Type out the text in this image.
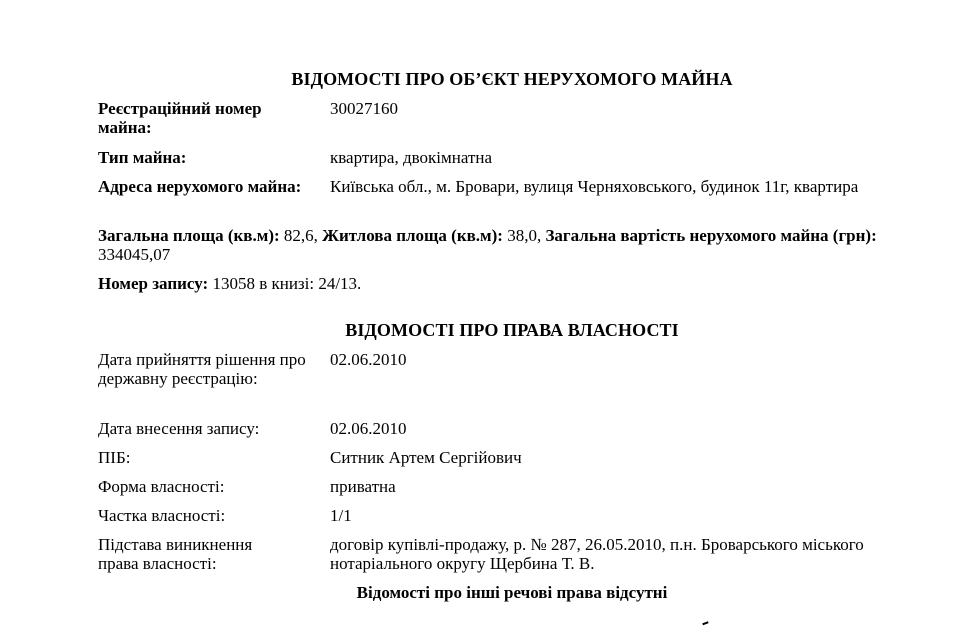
ВІДОМОСТІ ПРО ОБ’ЄКТ НЕРУХОМОГО МАЙНА
Реєстраційний номер майна:
30027160
Тип майна:	квартира, двокімнатна
Адреса нерухомого майна:	Київська обл., м. Бровари, вулиця Черняховського, будинок 11г, квартира
Загальна площа (кв.м): 82,6, Житлова площа (кв.м): 38,0, Загальна вартість нерухомого майна (грн): 334045,07
Номер запису: 13058 в книзі: 24/13.
ВІДОМОСТІ ПРО ПРАВА ВЛАСНОСТІ
Дата прийняття рішення про державну реєстрацію:
02.06.2010
Дата внесення запису:	02.06.2010
ПІБ:	Ситник Артем Сергійович
Форма власності:	приватна
Частка власності:	1/1
Підстава виникнення права власності:
договір купівлі-продажу, р. № 287, 26.05.2010, п.н. Броварського міського нотаріального округу Щербина Т. В.
Відомості про інші речові права відсутні
